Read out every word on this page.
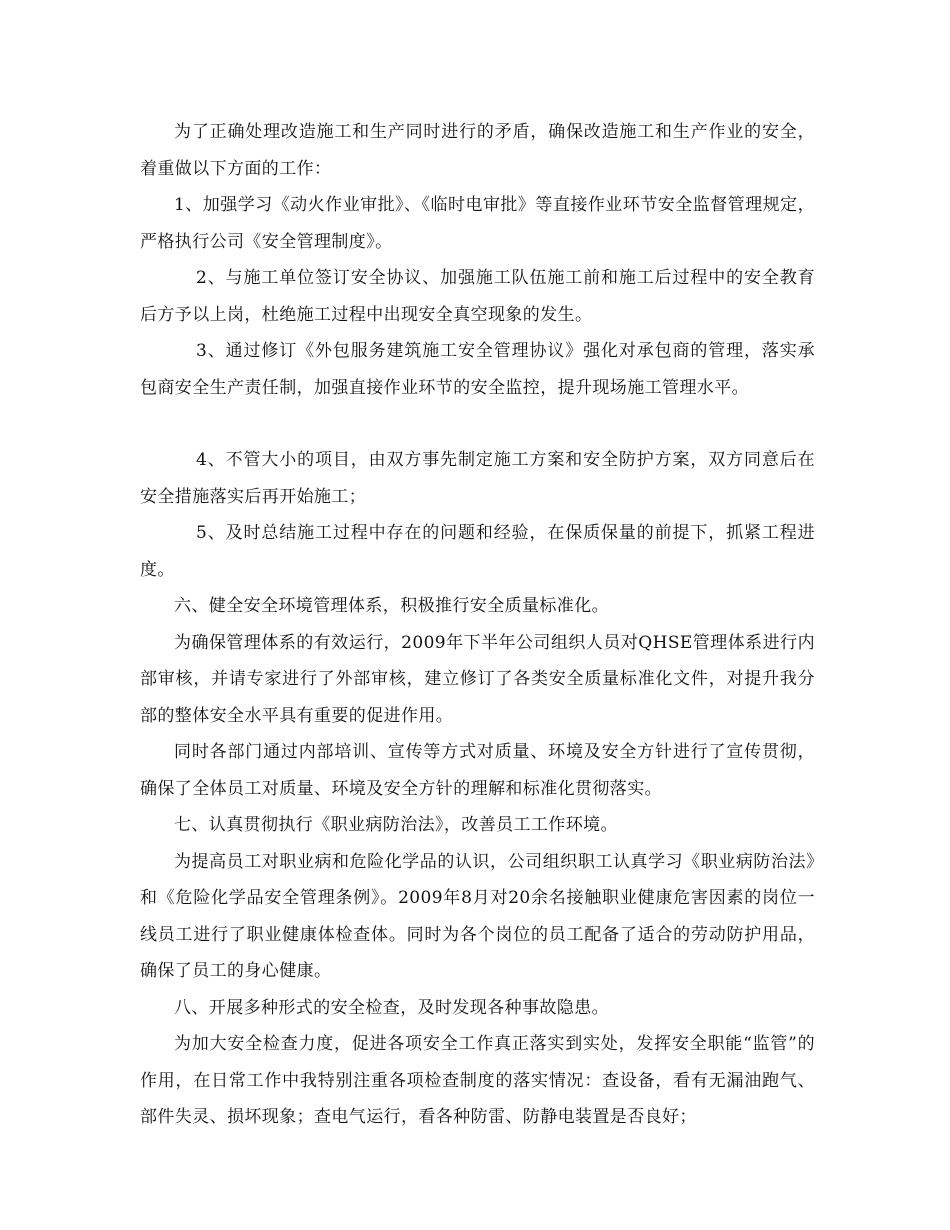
为了正确处理改造施工和生产同时进行的矛盾，确保改造施工和生产作业的安全，着重做以下方面的工作：

1、加强学习《动火作业审批》、《临时电审批》等直接作业环节安全监督管理规定，严格执行公司《安全管理制度》。

2、与施工单位签订安全协议、加强施工队伍施工前和施工后过程中的安全教育后方予以上岗，杜绝施工过程中出现安全真空现象的发生。

3、通过修订《外包服务建筑施工安全管理协议》强化对承包商的管理，落实承包商安全生产责任制，加强直接作业环节的安全监控，提升现场施工管理水平。

4、不管大小的项目，由双方事先制定施工方案和安全防护方案，双方同意后在安全措施落实后再开始施工；

5、及时总结施工过程中存在的问题和经验，在保质保量的前提下，抓紧工程进度。

六、健全安全环境管理体系，积极推行安全质量标准化。

为确保管理体系的有效运行，2009年下半年公司组织人员对QHSE管理体系进行内部审核，并请专家进行了外部审核，建立修订了各类安全质量标准化文件，对提升我分部的整体安全水平具有重要的促进作用。

同时各部门通过内部培训、宣传等方式对质量、环境及安全方针进行了宣传贯彻，确保了全体员工对质量、环境及安全方针的理解和标准化贯彻落实。

七、认真贯彻执行《职业病防治法》，改善员工工作环境。

为提高员工对职业病和危险化学品的认识，公司组织职工认真学习《职业病防治法》和《危险化学品安全管理条例》。2009年8月对20余名接触职业健康危害因素的岗位一线员工进行了职业健康体检查体。同时为各个岗位的员工配备了适合的劳动防护用品，确保了员工的身心健康。

八、开展多种形式的安全检查，及时发现各种事故隐患。

为加大安全检查力度，促进各项安全工作真正落实到实处，发挥安全职能“监管”的作用，在日常工作中我特别注重各项检查制度的落实情况：查设备，看有无漏油跑气、部件失灵、损坏现象；查电气运行，看各种防雷、防静电装置是否良好；
